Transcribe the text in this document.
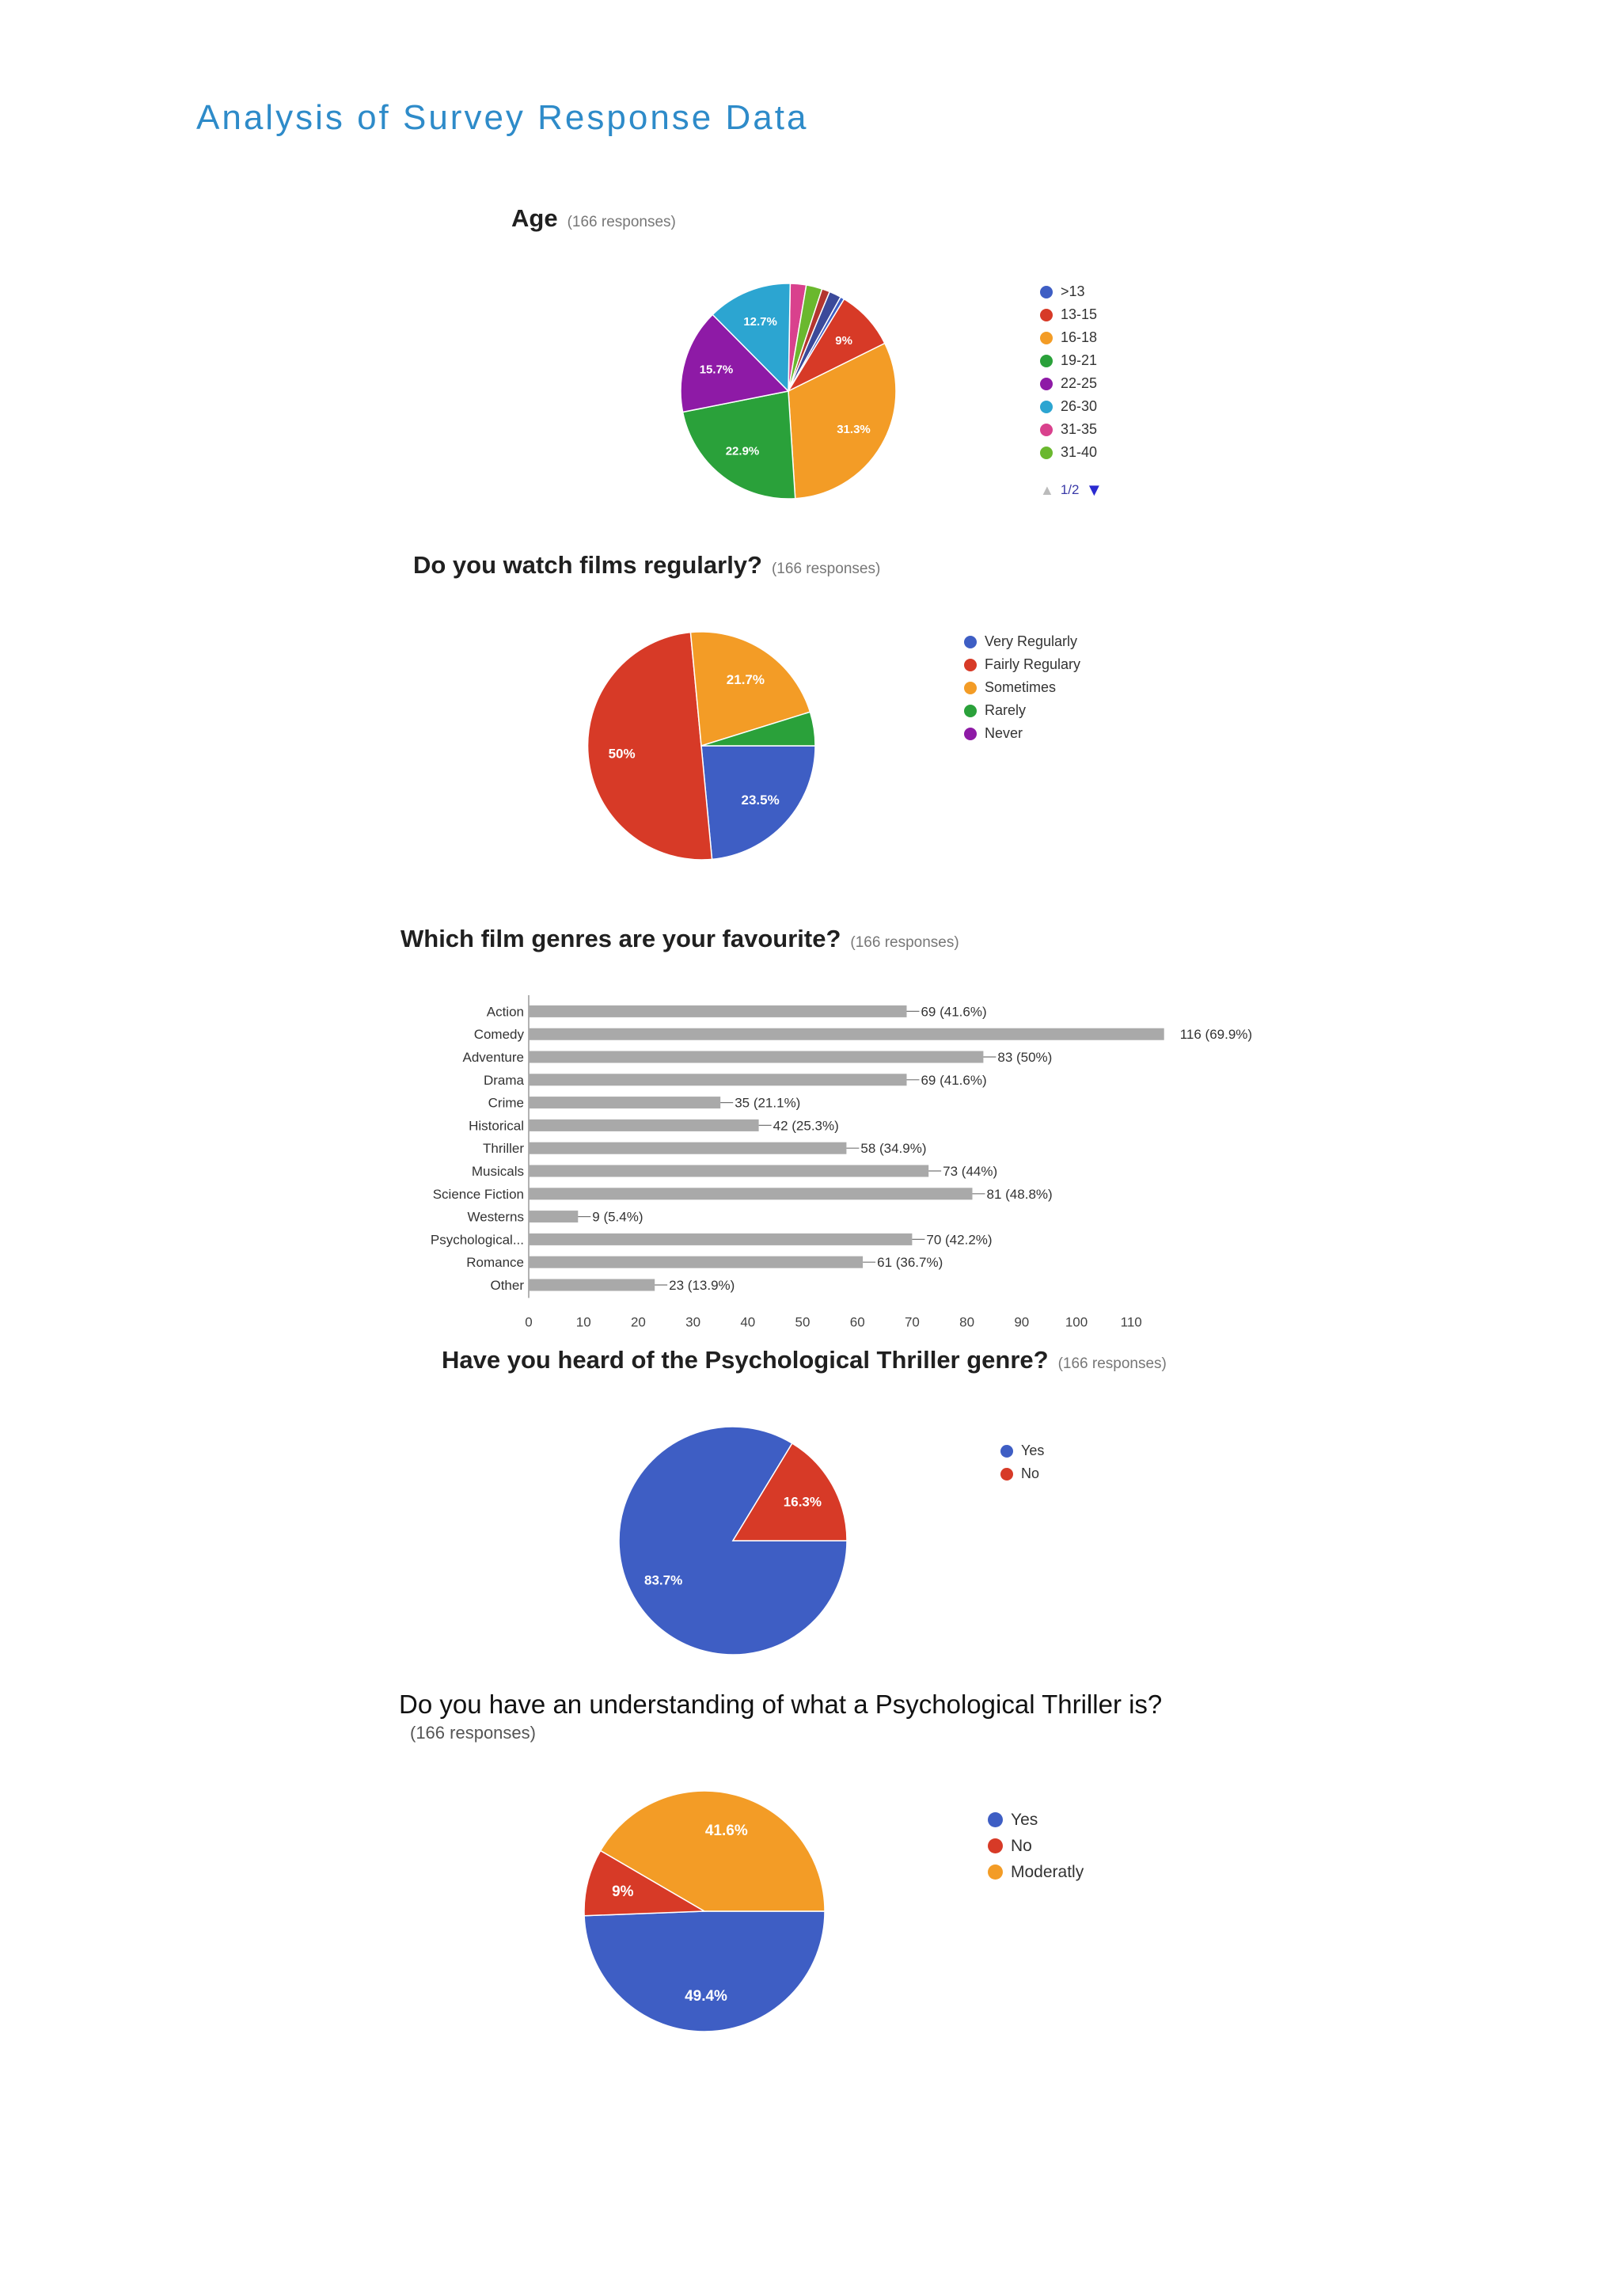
Analysis of Survey Response Data
Age (166 responses)
9%
31.3%
22.9%
15.7%
12.7%
>13
13-15
16-18
19-21
22-25
26-30
31-35
31-40
▲ 1/2 ▼
Do you watch films regularly? (166 responses)
23.5%
50%
21.7%
Very Regularly
Fairly Regulary
Sometimes
Rarely
Never
Which film genres are your favourite? (166 responses)
Action	69 (41.6%)
Comedy	116 (69.9%)
Adventure	83 (50%)
Drama	69 (41.6%)
Crime	35 (21.1%)
Historical	42 (25.3%)
Thriller	58 (34.9%)
Musicals	73 (44%)
Science Fiction	81 (48.8%)
Westerns	9 (5.4%)
Psychological...	70 (42.2%)
Romance	61 (36.7%)
Other	23 (13.9%)
0	10	20	30	40	50	60	70	80	90	100 110
Have you heard of the Psychological Thriller genre? (166 responses)
83.7%
16.3%
Yes
No
Do you have an understanding of what a Psychological Thriller is?
(166 responses)
49.4%
9%
41.6%
Yes
No
Moderatly
